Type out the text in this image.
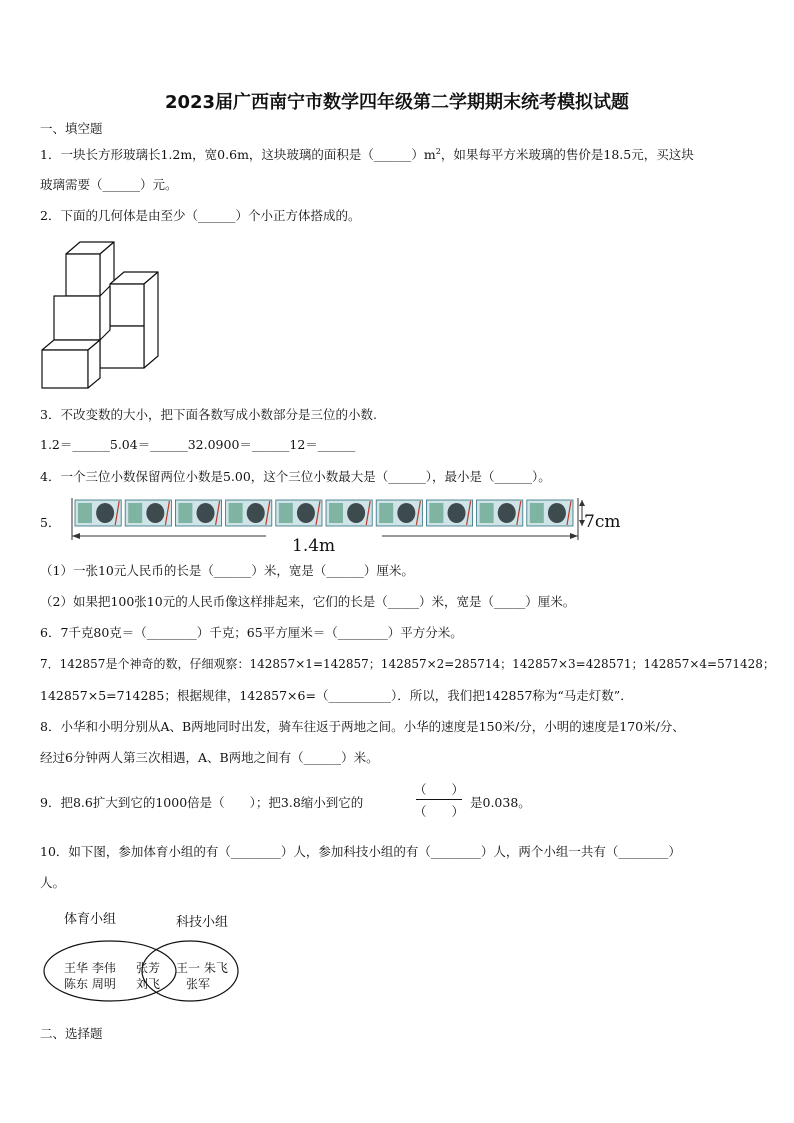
2023届广西南宁市数学四年级第二学期期末统考模拟试题
一、填空题
1．一块长方形玻璃长1.2m，宽0.6m，这块玻璃的面积是$(\_\_\_\_\_\_)m^2$，如果每平方米玻璃的售价是18.5元，买这块
玻璃需要（______）元。
2．下面的几何体是由至少（______）个小正方体搭成的。
3．不改变数的大小，把下面各数写成小数部分是三位的小数.
1.2＝______5.04＝______32.0900＝______12＝______
4．一个三位小数保留两位小数是5.00，这个三位小数最大是（______），最小是（______）。
5．
1.4m
7cm
（1）一张10元人民币的长是（______）米，宽是（______）厘米。
（2）如果把100张10元的人民币像这样排起来，它们的长是（_____）米，宽是（_____）厘米。
6．7千克80克＝（________）千克；65平方厘米＝（________）平方分米。
7．142857是个神奇的数，仔细观察：142857×1=142857；142857×2=285714；142857×3=428571；142857×4=571428；
142857×5=714285；根据规律，142857×6=（__________）．所以，我们把142857称为“马走灯数”．
8．小华和小明分别从A、B两地同时出发，骑车往返于两地之间。小华的速度是150米/分，小明的速度是170米/分、
经过6分钟两人第三次相遇，A、B两地之间有（______）米。
9．把8.6扩大到它的1000倍是（　　）；把3.8缩小到它的
（　　）
（　　）
是0.038。
10．如下图，参加体育小组的有（________）人，参加科技小组的有（________）人，两个小组一共有（________）
人。
体育小组	科技小组
王华 李伟
陈东 周明
张芳
刘飞
王一 朱飞
张军
二、选择题
